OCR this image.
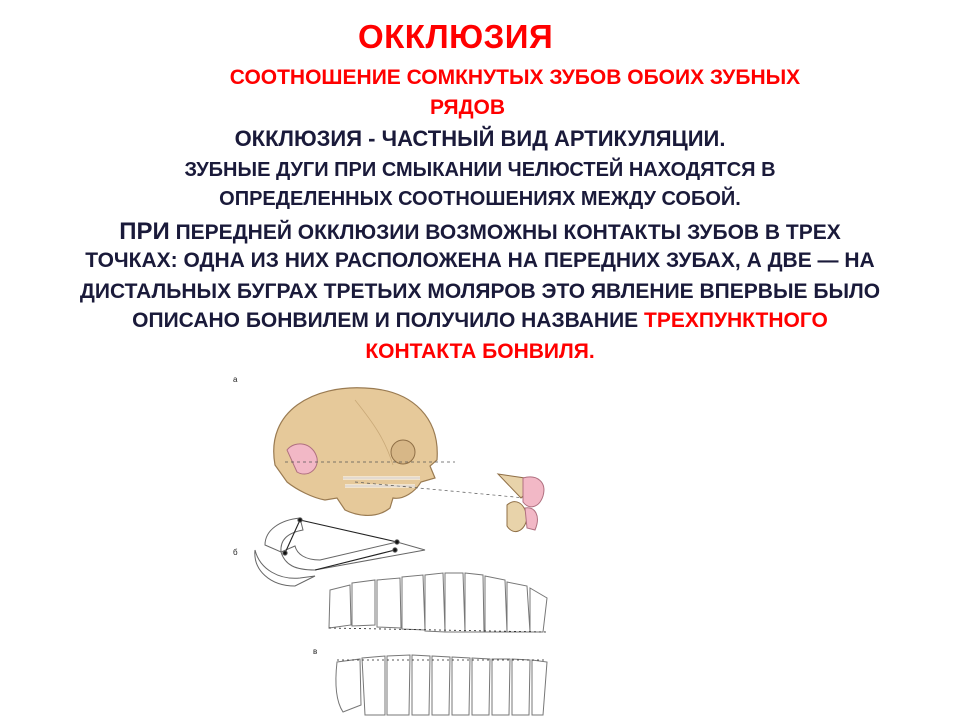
ОККЛЮЗИЯ
СООТНОШЕНИЕ СОМКНУТЫХ ЗУБОВ ОБОИХ ЗУБНЫХ
РЯДОВ
ОККЛЮЗИЯ - ЧАСТНЫЙ ВИД АРТИКУЛЯЦИИ.
ЗУБНЫЕ ДУГИ ПРИ СМЫКАНИИ ЧЕЛЮСТЕЙ НАХОДЯТСЯ В
ОПРЕДЕЛЕННЫХ СООТНОШЕНИЯХ МЕЖДУ СОБОЙ.
ПРИ ПЕРЕДНЕЙ ОККЛЮЗИИ ВОЗМОЖНЫ КОНТАКТЫ ЗУБОВ В ТРЕХ
ТОЧКАХ: ОДНА ИЗ НИХ РАСПОЛОЖЕНА НА ПЕРЕДНИХ ЗУБАХ, А ДВЕ — НА
ДИСТАЛЬНЫХ БУГРАХ ТРЕТЬИХ МОЛЯРОВ ЭТО ЯВЛЕНИЕ ВПЕРВЫЕ БЫЛО
ОПИСАНО БОНВИЛЕМ И ПОЛУЧИЛО НАЗВАНИЕ ТРЕХПУНКТНОГО
КОНТАКТА БОНВИЛЯ.
а
б
в
